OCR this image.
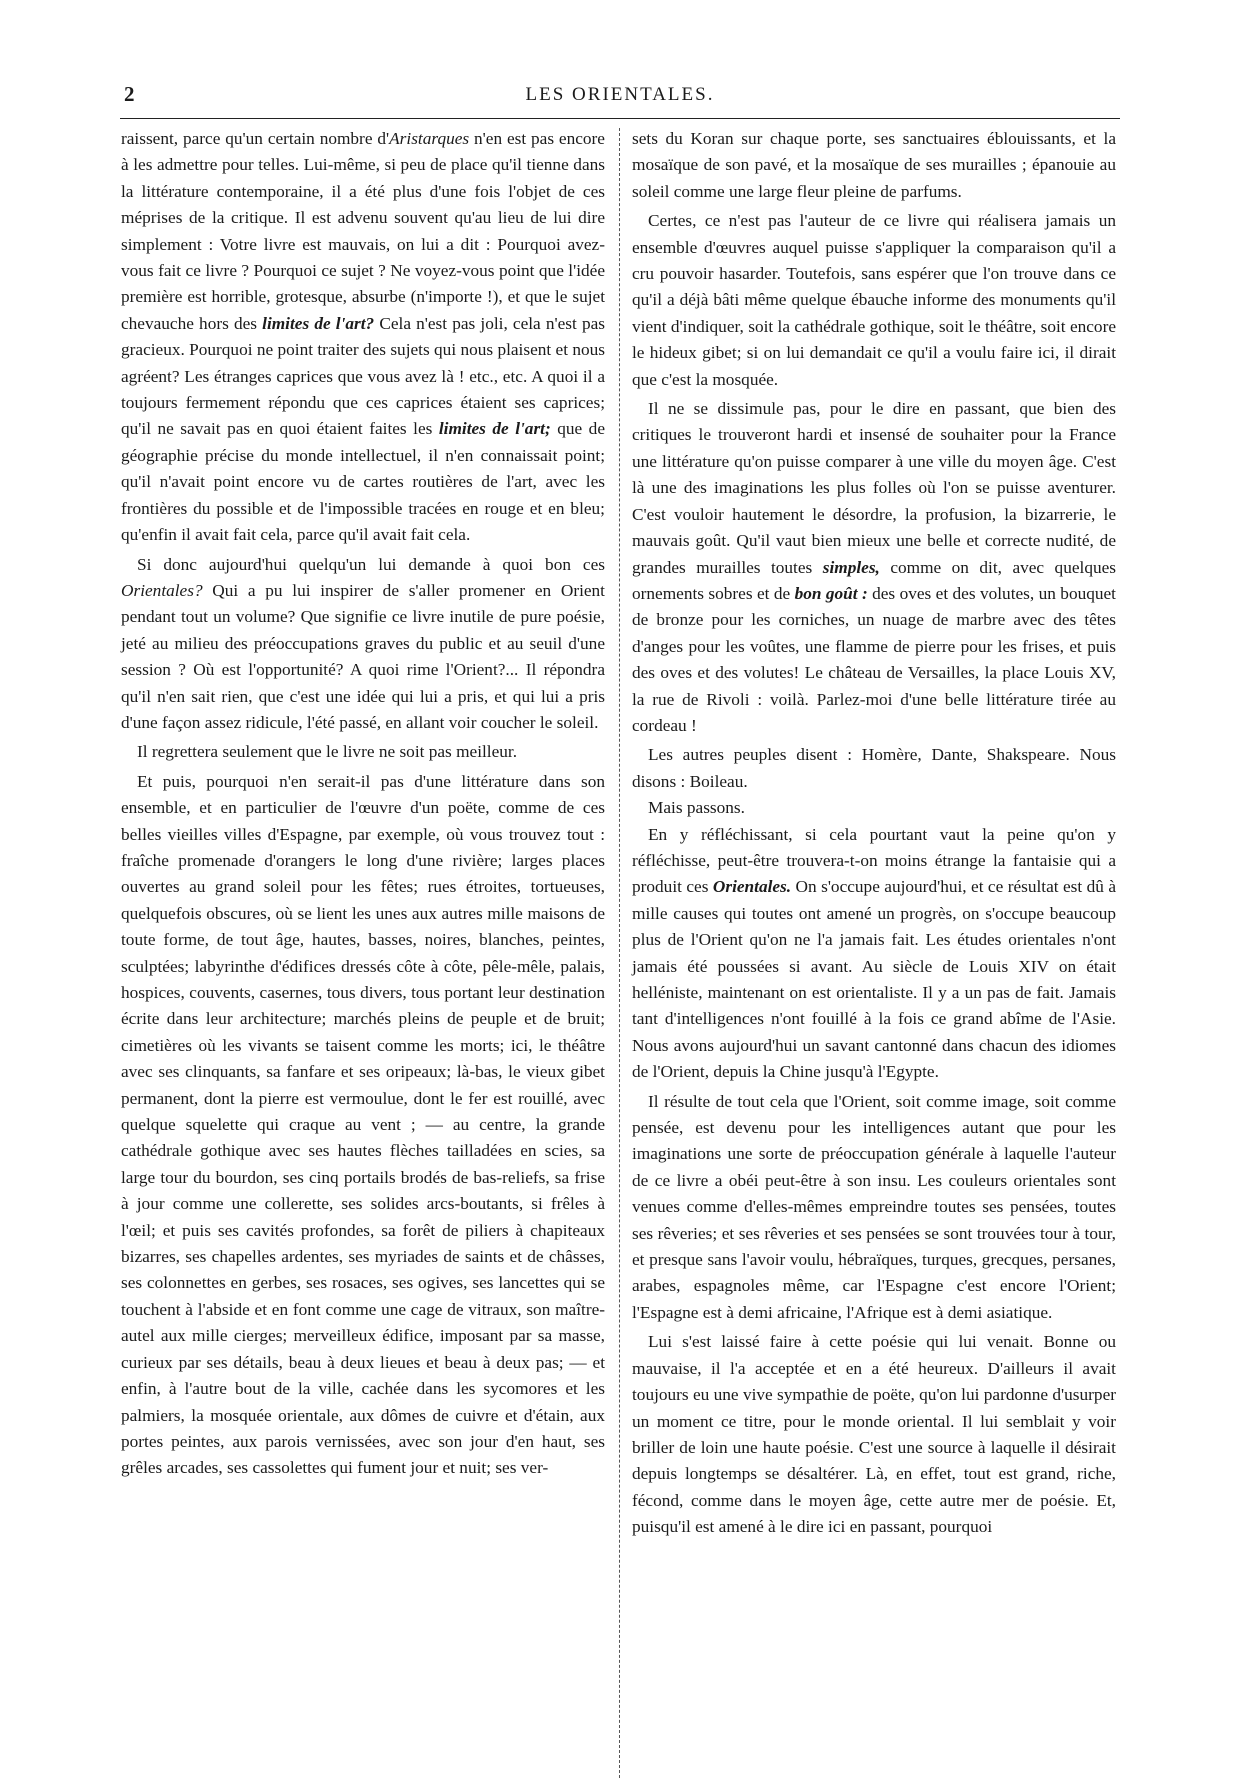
2	LES ORIENTALES.

raissent, parce qu'un certain nombre d'Aristarques n'en est pas encore à les admettre pour telles. Lui-même, si peu de place qu'il tienne dans la littérature contemporaine, il a été plus d'une fois l'objet de ces méprises de la critique. Il est advenu souvent qu'au lieu de lui dire simplement : Votre livre est mauvais, on lui a dit : Pourquoi avez-vous fait ce livre ? Pourquoi ce sujet ? Ne voyez-vous point que l'idée première est horrible, grotesque, absurbe (n'importe !), et que le sujet chevauche hors des limites de l'art? Cela n'est pas joli, cela n'est pas gracieux. Pourquoi ne point traiter des sujets qui nous plaisent et nous agréent? Les étranges caprices que vous avez là ! etc., etc. A quoi il a toujours fermement répondu que ces caprices étaient ses caprices; qu'il ne savait pas en quoi étaient faites les limites de l'art; que de géographie précise du monde intellectuel, il n'en connaissait point; qu'il n'avait point encore vu de cartes routières de l'art, avec les frontières du possible et de l'impossible tracées en rouge et en bleu; qu'enfin il avait fait cela, parce qu'il avait fait cela.

Si donc aujourd'hui quelqu'un lui demande à quoi bon ces Orientales? Qui a pu lui inspirer de s'aller promener en Orient pendant tout un volume? Que signifie ce livre inutile de pure poésie, jeté au milieu des préoccupations graves du public et au seuil d'une session ? Où est l'opportunité? A quoi rime l'Orient?... Il répondra qu'il n'en sait rien, que c'est une idée qui lui a pris, et qui lui a pris d'une façon assez ridicule, l'été passé, en allant voir coucher le soleil.

Il regrettera seulement que le livre ne soit pas meilleur.

Et puis, pourquoi n'en serait-il pas d'une littérature dans son ensemble, et en particulier de l'œuvre d'un poëte, comme de ces belles vieilles villes d'Espagne, par exemple, où vous trouvez tout : fraîche promenade d'orangers le long d'une rivière; larges places ouvertes au grand soleil pour les fêtes; rues étroites, tortueuses, quelquefois obscures, où se lient les unes aux autres mille maisons de toute forme, de tout âge, hautes, basses, noires, blanches, peintes, sculptées; labyrinthe d'édifices dressés côte à côte, pêle-mêle, palais, hospices, couvents, casernes, tous divers, tous portant leur destination écrite dans leur architecture; marchés pleins de peuple et de bruit; cimetières où les vivants se taisent comme les morts; ici, le théâtre avec ses clinquants, sa fanfare et ses oripeaux; là-bas, le vieux gibet permanent, dont la pierre est vermoulue, dont le fer est rouillé, avec quelque squelette qui craque au vent ; — au centre, la grande cathédrale gothique avec ses hautes flèches tailladées en scies, sa large tour du bourdon, ses cinq portails brodés de bas-reliefs, sa frise à jour comme une collerette, ses solides arcs-boutants, si frêles à l'œil; et puis ses cavités profondes, sa forêt de piliers à chapiteaux bizarres, ses chapelles ardentes, ses myriades de saints et de châsses, ses colonnettes en gerbes, ses rosaces, ses ogives, ses lancettes qui se touchent à l'abside et en font comme une cage de vitraux, son maître-autel aux mille cierges; merveilleux édifice, imposant par sa masse, curieux par ses détails, beau à deux lieues et beau à deux pas; — et enfin, à l'autre bout de la ville, cachée dans les sycomores et les palmiers, la mosquée orientale, aux dômes de cuivre et d'étain, aux portes peintes, aux parois vernissées, avec son jour d'en haut, ses grêles arcades, ses cassolettes qui fument jour et nuit; ses ver-

sets du Koran sur chaque porte, ses sanctuaires éblouissants, et la mosaïque de son pavé, et la mosaïque de ses murailles ; épanouie au soleil comme une large fleur pleine de parfums.

Certes, ce n'est pas l'auteur de ce livre qui réalisera jamais un ensemble d'œuvres auquel puisse s'appliquer la comparaison qu'il a cru pouvoir hasarder. Toutefois, sans espérer que l'on trouve dans ce qu'il a déjà bâti même quelque ébauche informe des monuments qu'il vient d'indiquer, soit la cathédrale gothique, soit le théâtre, soit encore le hideux gibet; si on lui demandait ce qu'il a voulu faire ici, il dirait que c'est la mosquée.

Il ne se dissimule pas, pour le dire en passant, que bien des critiques le trouveront hardi et insensé de souhaiter pour la France une littérature qu'on puisse comparer à une ville du moyen âge. C'est là une des imaginations les plus folles où l'on se puisse aventurer. C'est vouloir hautement le désordre, la profusion, la bizarrerie, le mauvais goût. Qu'il vaut bien mieux une belle et correcte nudité, de grandes murailles toutes simples, comme on dit, avec quelques ornements sobres et de bon goût : des oves et des volutes, un bouquet de bronze pour les corniches, un nuage de marbre avec des têtes d'anges pour les voûtes, une flamme de pierre pour les frises, et puis des oves et des volutes! Le château de Versailles, la place Louis XV, la rue de Rivoli : voilà. Parlez-moi d'une belle littérature tirée au cordeau !

Les autres peuples disent : Homère, Dante, Shakspeare. Nous disons : Boileau.

Mais passons.

En y réfléchissant, si cela pourtant vaut la peine qu'on y réfléchisse, peut-être trouvera-t-on moins étrange la fantaisie qui a produit ces Orientales. On s'occupe aujourd'hui, et ce résultat est dû à mille causes qui toutes ont amené un progrès, on s'occupe beaucoup plus de l'Orient qu'on ne l'a jamais fait. Les études orientales n'ont jamais été poussées si avant. Au siècle de Louis XIV on était helléniste, maintenant on est orientaliste. Il y a un pas de fait. Jamais tant d'intelligences n'ont fouillé à la fois ce grand abîme de l'Asie. Nous avons aujourd'hui un savant cantonné dans chacun des idiomes de l'Orient, depuis la Chine jusqu'à l'Egypte.

Il résulte de tout cela que l'Orient, soit comme image, soit comme pensée, est devenu pour les intelligences autant que pour les imaginations une sorte de préoccupation générale à laquelle l'auteur de ce livre a obéi peut-être à son insu. Les couleurs orientales sont venues comme d'elles-mêmes empreindre toutes ses pensées, toutes ses rêveries; et ses rêveries et ses pensées se sont trouvées tour à tour, et presque sans l'avoir voulu, hébraïques, turques, grecques, persanes, arabes, espagnoles même, car l'Espagne c'est encore l'Orient; l'Espagne est à demi africaine, l'Afrique est à demi asiatique.

Lui s'est laissé faire à cette poésie qui lui venait. Bonne ou mauvaise, il l'a acceptée et en a été heureux. D'ailleurs il avait toujours eu une vive sympathie de poëte, qu'on lui pardonne d'usurper un moment ce titre, pour le monde oriental. Il lui semblait y voir briller de loin une haute poésie. C'est une source à laquelle il désirait depuis longtemps se désaltérer. Là, en effet, tout est grand, riche, fécond, comme dans le moyen âge, cette autre mer de poésie. Et, puisqu'il est amené à le dire ici en passant, pourquoi
